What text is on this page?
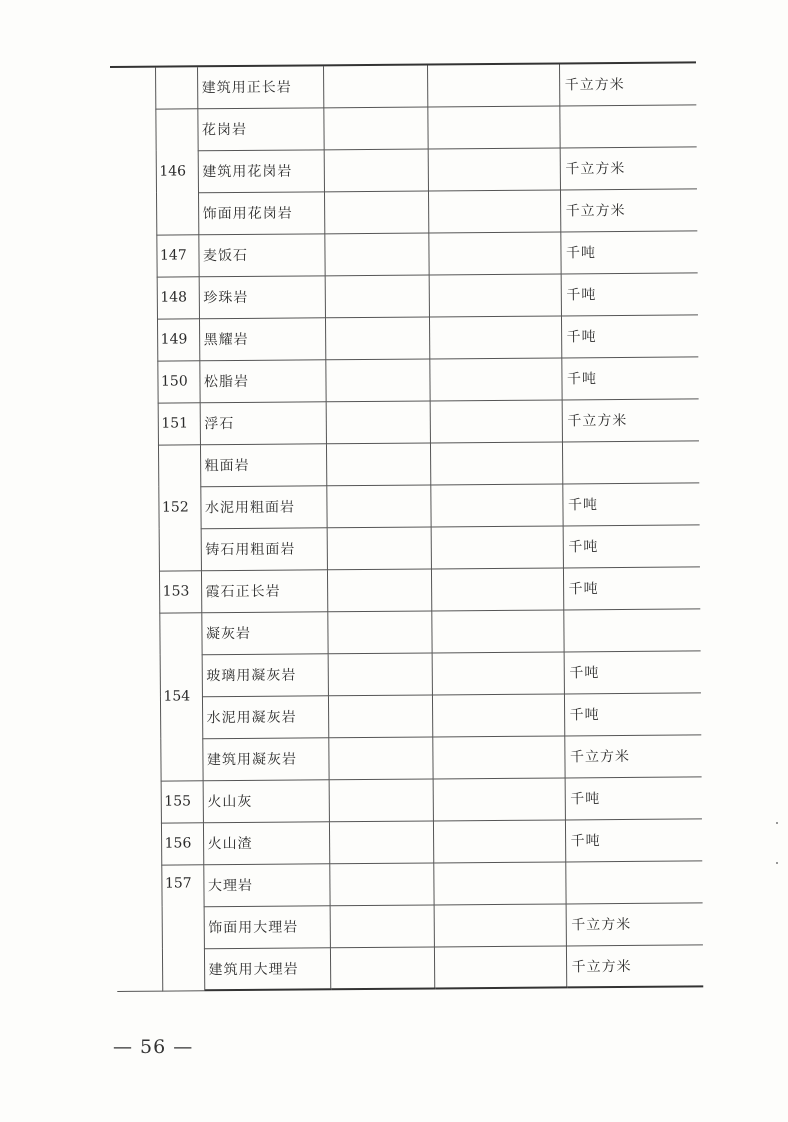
		建筑用正长岩			千立方米
	146	花岗岩			
		建筑用花岗岩			千立方米
		饰面用花岗岩			千立方米
	147	麦饭石			千吨
	148	珍珠岩			千吨
	149	黑耀岩			千吨
	150	松脂岩			千吨
	151	浮石			千立方米
	152	粗面岩			
		水泥用粗面岩			千吨
		铸石用粗面岩			千吨
	153	霞石正长岩			千吨
	154	凝灰岩			
		玻璃用凝灰岩			千吨
		水泥用凝灰岩			千吨
		建筑用凝灰岩			千立方米
	155	火山灰			千吨
	156	火山渣			千吨
	157	大理岩			
		饰面用大理岩			千立方米
		建筑用大理岩			千立方米
— 56 —
